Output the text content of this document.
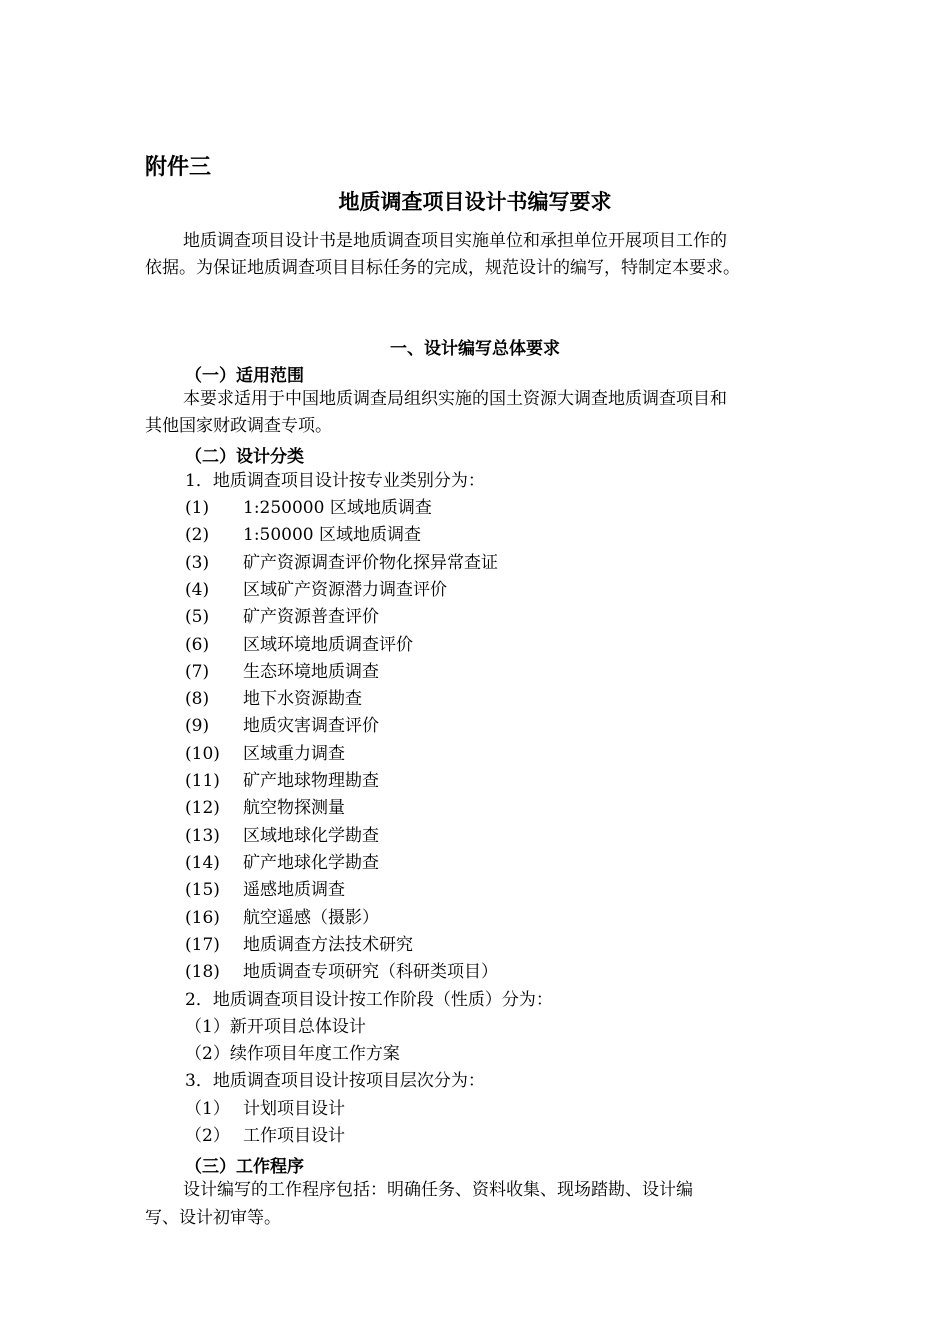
附件三
地质调查项目设计书编写要求
地质调查项目设计书是地质调查项目实施单位和承担单位开展项目工作的
依据。为保证地质调查项目目标任务的完成，规范设计的编写，特制定本要求。
一、设计编写总体要求
（一）适用范围
本要求适用于中国地质调查局组织实施的国土资源大调查地质调查项目和
其他国家财政调查专项。
（二）设计分类
1．地质调查项目设计按专业类别分为：
(1) 1:250000 区域地质调查
(2) 1:50000 区域地质调查
(3) 矿产资源调查评价物化探异常查证
(4) 区域矿产资源潜力调查评价
(5) 矿产资源普查评价
(6) 区域环境地质调查评价
(7) 生态环境地质调查
(8) 地下水资源勘查
(9) 地质灾害调查评价
(10) 区域重力调查
(11) 矿产地球物理勘查
(12) 航空物探测量
(13) 区域地球化学勘查
(14) 矿产地球化学勘查
(15) 遥感地质调查
(16) 航空遥感（摄影）
(17) 地质调查方法技术研究
(18) 地质调查专项研究（科研类项目）
2．地质调查项目设计按工作阶段（性质）分为：
（1）新开项目总体设计
（2）续作项目年度工作方案
3．地质调查项目设计按项目层次分为：
（1） 计划项目设计
（2） 工作项目设计
（三）工作程序
设计编写的工作程序包括：明确任务、资料收集、现场踏勘、设计编
写、设计初审等。
